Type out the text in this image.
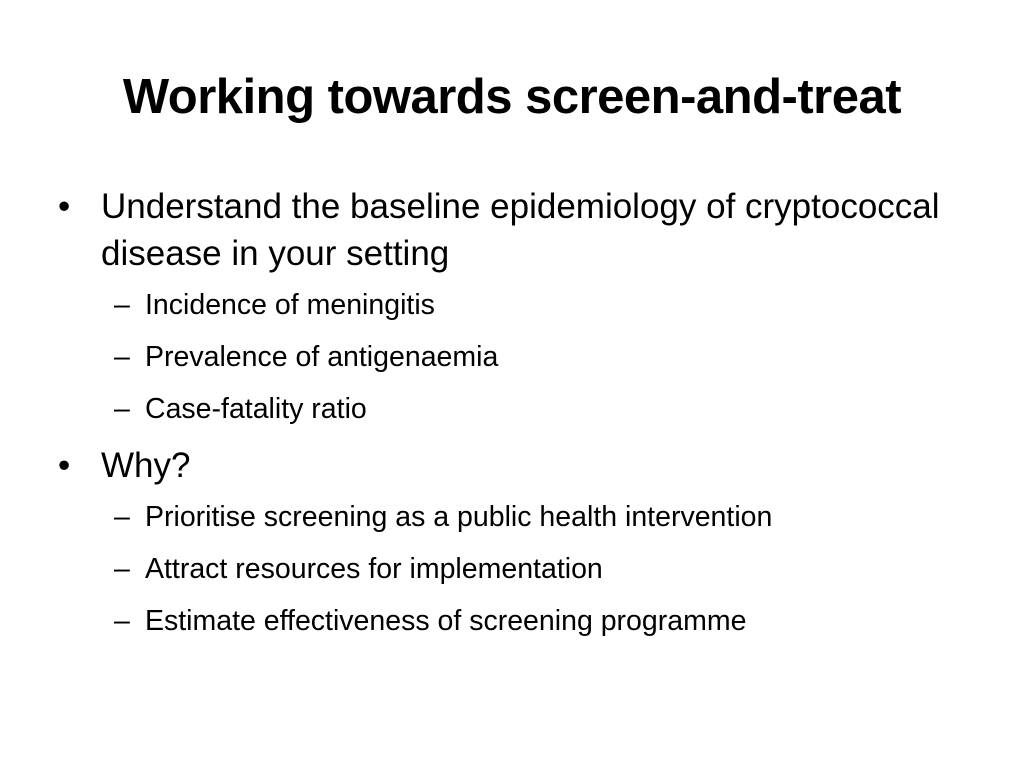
Working towards screen-and-treat
• Understand the baseline epidemiology of cryptococcal disease in your setting
– Incidence of meningitis
– Prevalence of antigenaemia
– Case-fatality ratio
• Why?
– Prioritise screening as a public health intervention
– Attract resources for implementation
– Estimate effectiveness of screening programme
